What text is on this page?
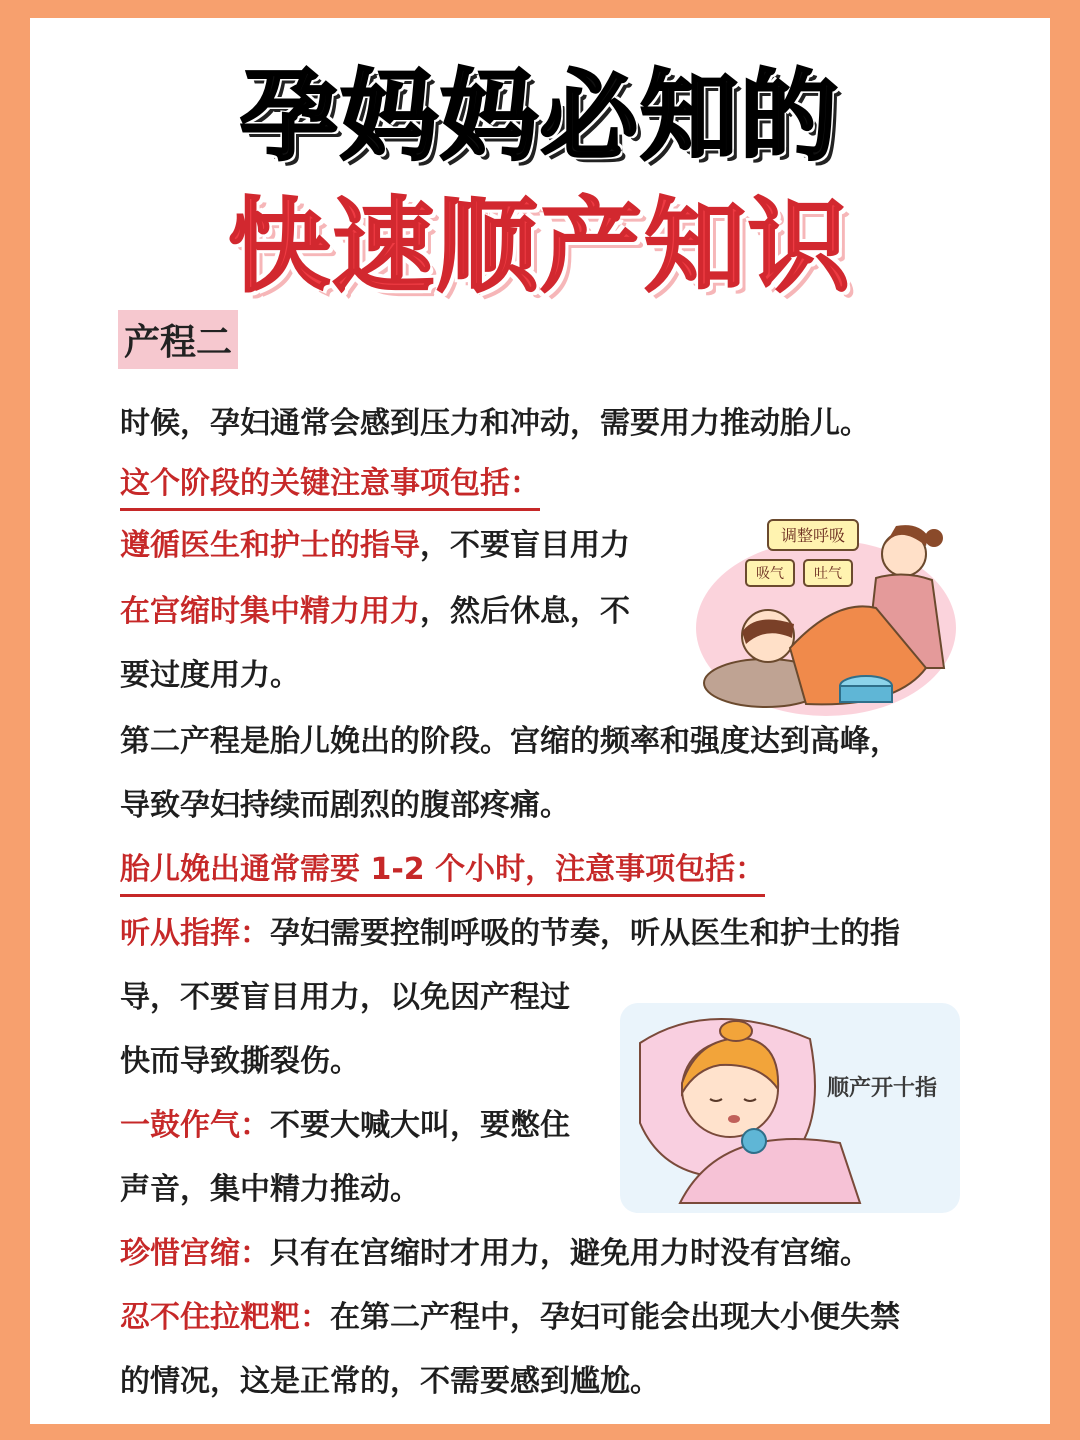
孕妈妈必知的
快速顺产知识
产程二
时候，孕妇通常会感到压力和冲动，需要用力推动胎儿。
这个阶段的关键注意事项包括：
遵循医生和护士的指导，不要盲目用力
在宫缩时集中精力用力，然后休息，不
要过度用力。
调整呼吸
吸气 吐气
第二产程是胎儿娩出的阶段。宫缩的频率和强度达到高峰，
导致孕妇持续而剧烈的腹部疼痛。
胎儿娩出通常需要 1-2 个小时，注意事项包括：
听从指挥：孕妇需要控制呼吸的节奏，听从医生和护士的指
导，不要盲目用力，以免因产程过
快而导致撕裂伤。
一鼓作气：不要大喊大叫，要憋住
声音，集中精力推动。
顺产开十指
珍惜宫缩：只有在宫缩时才用力，避免用力时没有宫缩。
忍不住拉粑粑：在第二产程中，孕妇可能会出现大小便失禁
的情况，这是正常的，不需要感到尴尬。
